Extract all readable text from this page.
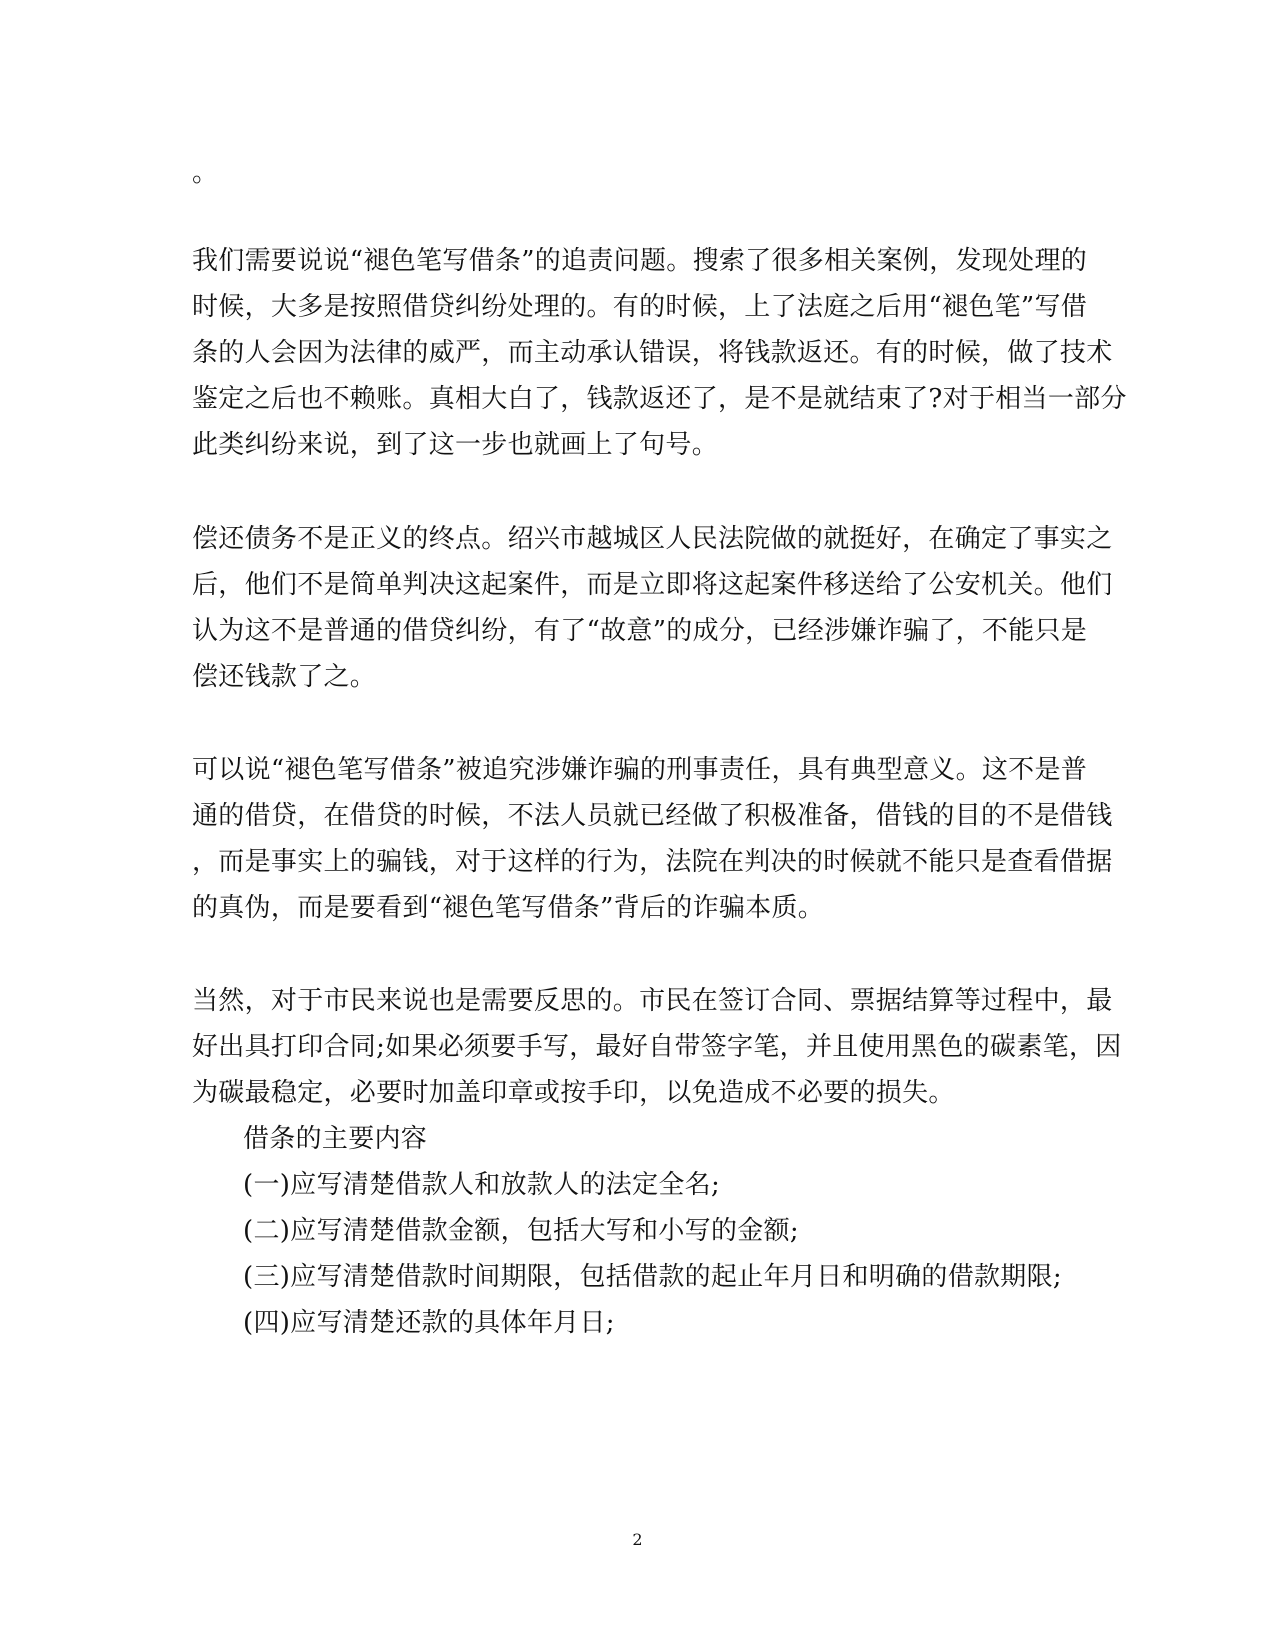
。
我们需要说说“褪色笔写借条”的追责问题。搜索了很多相关案例，发现处理的
时候，大多是按照借贷纠纷处理的。有的时候，上了法庭之后用“褪色笔”写借
条的人会因为法律的威严，而主动承认错误，将钱款返还。有的时候，做了技术
鉴定之后也不赖账。真相大白了，钱款返还了，是不是就结束了?对于相当一部分
此类纠纷来说，到了这一步也就画上了句号。
偿还债务不是正义的终点。绍兴市越城区人民法院做的就挺好，在确定了事实之
后，他们不是简单判决这起案件，而是立即将这起案件移送给了公安机关。他们
认为这不是普通的借贷纠纷，有了“故意”的成分，已经涉嫌诈骗了，不能只是
偿还钱款了之。
可以说“褪色笔写借条”被追究涉嫌诈骗的刑事责任，具有典型意义。这不是普
通的借贷，在借贷的时候，不法人员就已经做了积极准备，借钱的目的不是借钱
，而是事实上的骗钱，对于这样的行为，法院在判决的时候就不能只是查看借据
的真伪，而是要看到“褪色笔写借条”背后的诈骗本质。
当然，对于市民来说也是需要反思的。市民在签订合同、票据结算等过程中，最
好出具打印合同;如果必须要手写，最好自带签字笔，并且使用黑色的碳素笔，因
为碳最稳定，必要时加盖印章或按手印，以免造成不必要的损失。
借条的主要内容
(一)应写清楚借款人和放款人的法定全名;
(二)应写清楚借款金额，包括大写和小写的金额;
(三)应写清楚借款时间期限，包括借款的起止年月日和明确的借款期限;
(四)应写清楚还款的具体年月日;
2
